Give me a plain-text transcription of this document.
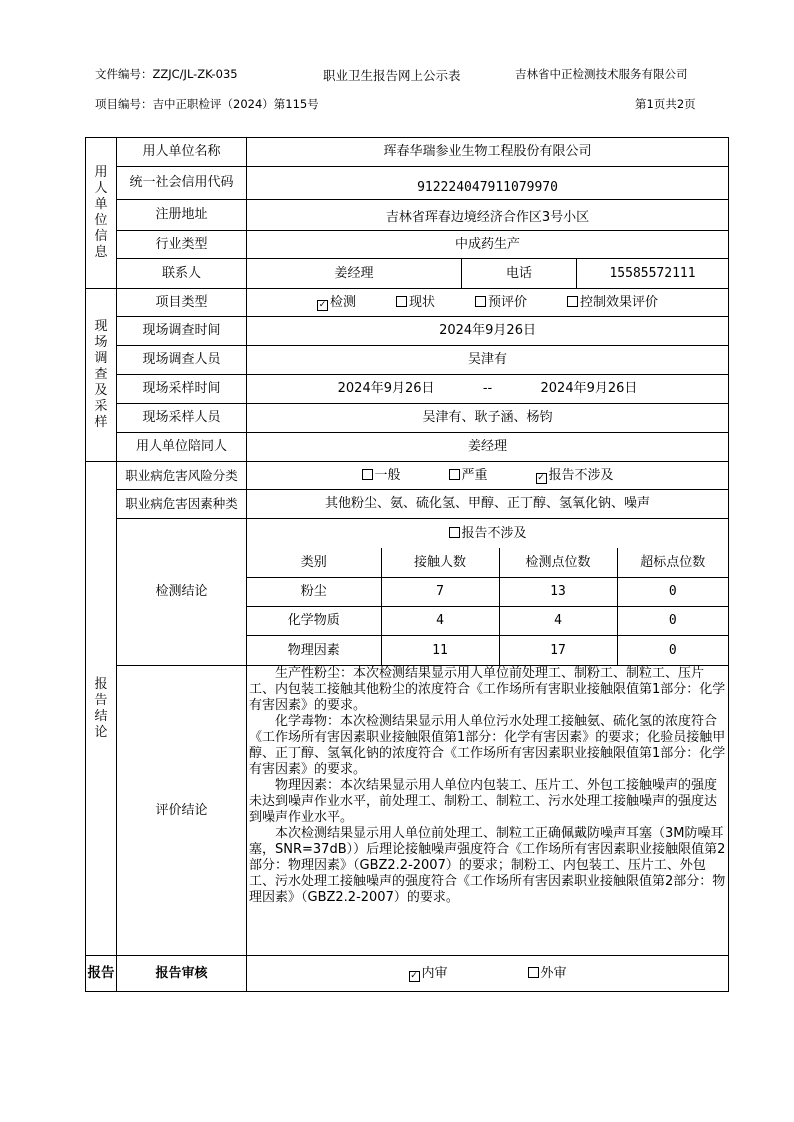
文件编号：ZZJC/JL-ZK-035	职业卫生报告网上公示表	吉林省中正检测技术服务有限公司
项目编号：吉中正职检评（2024）第115号	第1页共2页
用
人
单
位
信
息
	用人单位名称	珲春华瑞参业生物工程股份有限公司
统一社会信用代码	912224047911079970
注册地址	吉林省珲春边境经济合作区3号小区
行业类型	中成药生产
联系人	姜经理	电话	15585572111

现
场
调
查
及
采
样
	项目类型	✓ 检测	现状	预评价	控制效果评价

现场调查时间	2024年9月26日
现场调查人员	吴津有
现场采样时间	2024年9月26日	--	2024年9月26日
现场采样人员	吴津有、耿子涵、杨钧
用人单位陪同人	姜经理

报
告
结
论
	职业病危害风险分类	一般	严重	✓ 报告不涉及

职业病危害因素种类	其他粉尘、氨、硫化氢、甲醇、正丁醇、氢氧化钠、噪声
检测结论	
报告不涉及
类别	接触人数	检测点位数	超标点位数
粉尘	7	13	0
化学物质	4	4	0
物理因素	11	17	0

评价结论	

生产性粉尘：本次检测结果显示用人单位前处理工、制粉工、制粒工、压片工、内包装工接触其他粉尘的浓度符合《工作场所有害职业接触限值第1部分：化学有害因素》的要求。

化学毒物：本次检测结果显示用人单位污水处理工接触氨、硫化氢的浓度符合《工作场所有害因素职业接触限值第1部分：化学有害因素》的要求；化验员接触甲醇、正丁醇、氢氧化钠的浓度符合《工作场所有害因素职业接触限值第1部分：化学有害因素》的要求。

物理因素：本次结果显示用人单位内包装工、压片工、外包工接触噪声的强度未达到噪声作业水平，前处理工、制粉工、制粒工、污水处理工接触噪声的强度达到噪声作业水平。

本次检测结果显示用人单位前处理工、制粒工正确佩戴防噪声耳塞（3M防噪耳塞，SNR=37dB））后理论接触噪声强度符合《工作场所有害因素职业接触限值第2部分：物理因素》（GBZ2.2-2007）的要求；制粉工、内包装工、压片工、外包工、污水处理工接触噪声的强度符合《工作场所有害因素职业接触限值第2部分：物理因素》（GBZ2.2-2007）的要求。

报告	报告审核	✓ 内审	外审
